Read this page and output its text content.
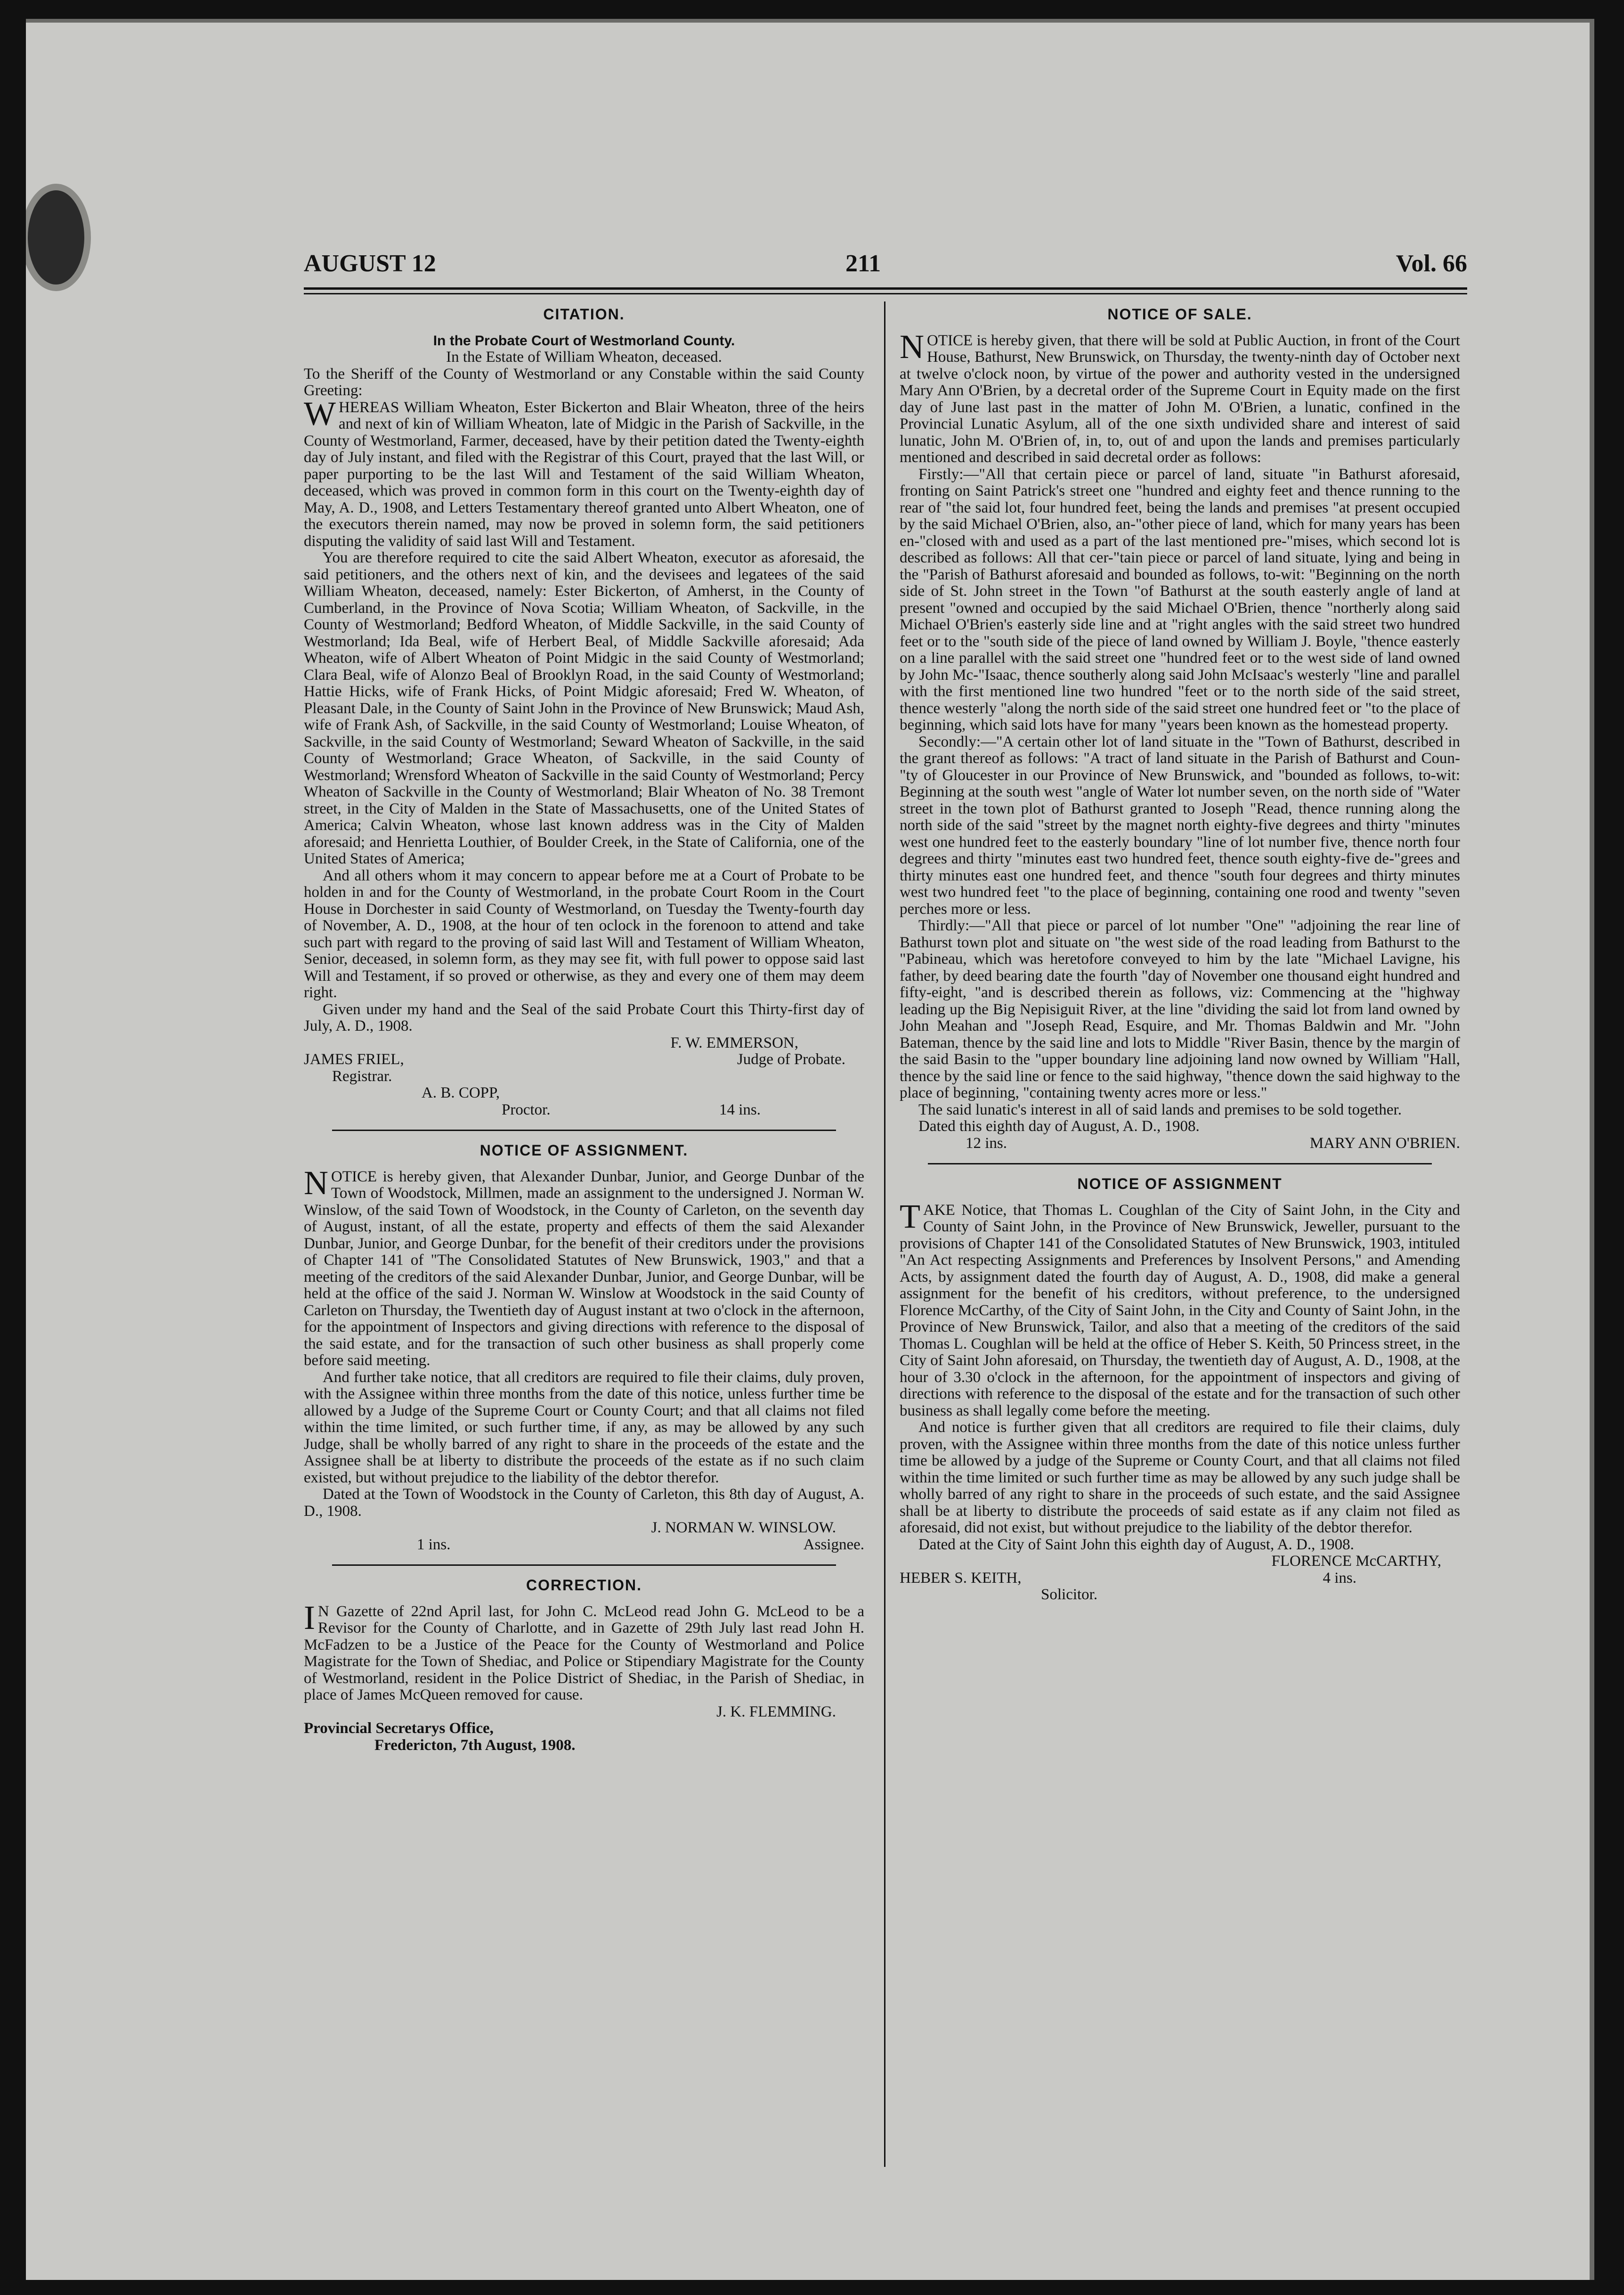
AUGUST 12	211	Vol. 66
CITATION.
In the Probate Court of Westmorland County.
In the Estate of William Wheaton, deceased.

To the Sheriff of the County of Westmorland or any Constable within the said County Greeting:

WHEREAS William Wheaton, Ester Bickerton and Blair Wheaton, three of the heirs and next of kin of William Wheaton, late of Midgic in the Parish of Sackville, in the County of Westmorland, Farmer, deceased, have by their petition dated the Twenty-eighth day of July instant, and filed with the Registrar of this Court, prayed that the last Will, or paper purporting to be the last Will and Testament of the said William Wheaton, deceased, which was proved in common form in this court on the Twenty-eighth day of May, A. D., 1908, and Letters Testamentary thereof granted unto Albert Wheaton, one of the executors therein named, may now be proved in solemn form, the said petitioners disputing the validity of said last Will and Testament.

You are therefore required to cite the said Albert Wheaton, executor as aforesaid, the said petitioners, and the others next of kin, and the devisees and legatees of the said William Wheaton, deceased, namely: Ester Bickerton, of Amherst, in the County of Cumberland, in the Province of Nova Scotia; William Wheaton, of Sackville, in the County of Westmorland; Bedford Wheaton, of Middle Sackville, in the said County of Westmorland; Ida Beal, wife of Herbert Beal, of Middle Sackville aforesaid; Ada Wheaton, wife of Albert Wheaton of Point Midgic in the said County of Westmorland; Clara Beal, wife of Alonzo Beal of Brooklyn Road, in the said County of Westmorland; Hattie Hicks, wife of Frank Hicks, of Point Midgic aforesaid; Fred W. Wheaton, of Pleasant Dale, in the County of Saint John in the Province of New Brunswick; Maud Ash, wife of Frank Ash, of Sackville, in the said County of Westmorland; Louise Wheaton, of Sackville, in the said County of Westmorland; Seward Wheaton of Sackville, in the said County of Westmorland; Grace Wheaton, of Sackville, in the said County of Westmorland; Wrensford Wheaton of Sackville in the said County of Westmorland; Percy Wheaton of Sackville in the County of Westmorland; Blair Wheaton of No. 38 Tremont street, in the City of Malden in the State of Massachusetts, one of the United States of America; Calvin Wheaton, whose last known address was in the City of Malden aforesaid; and Henrietta Louthier, of Boulder Creek, in the State of California, one of the United States of America;

And all others whom it may concern to appear before me at a Court of Probate to be holden in and for the County of Westmorland, in the probate Court Room in the Court House in Dorchester in said County of Westmorland, on Tuesday the Twenty-fourth day of November, A. D., 1908, at the hour of ten oclock in the forenoon to attend and take such part with regard to the proving of said last Will and Testament of William Wheaton, Senior, deceased, in solemn form, as they may see fit, with full power to oppose said last Will and Testament, if so proved or otherwise, as they and every one of them may deem right.

Given under my hand and the Seal of the said Probate Court this Thirty-first day of July, A. D., 1908.

F. W. EMMERSON,
JAMES FRIEL,	Judge of Probate.
Registrar.
A. B. COPP,
Proctor.	14 ins.
NOTICE OF ASSIGNMENT.

NOTICE is hereby given, that Alexander Dunbar, Junior, and George Dunbar of the Town of Woodstock, Millmen, made an assignment to the undersigned J. Norman W. Winslow, of the said Town of Woodstock, in the County of Carleton, on the seventh day of August, instant, of all the estate, property and effects of them the said Alexander Dunbar, Junior, and George Dunbar, for the benefit of their creditors under the provisions of Chapter 141 of "The Consolidated Statutes of New Brunswick, 1903," and that a meeting of the creditors of the said Alexander Dunbar, Junior, and George Dunbar, will be held at the office of the said J. Norman W. Winslow at Woodstock in the said County of Carleton on Thursday, the Twentieth day of August instant at two o'clock in the afternoon, for the appointment of Inspectors and giving directions with reference to the disposal of the said estate, and for the transaction of such other business as shall properly come before said meeting.

And further take notice, that all creditors are required to file their claims, duly proven, with the Assignee within three months from the date of this notice, unless further time be allowed by a Judge of the Supreme Court or County Court; and that all claims not filed within the time limited, or such further time, if any, as may be allowed by any such Judge, shall be wholly barred of any right to share in the proceeds of the estate and the Assignee shall be at liberty to distribute the proceeds of the estate as if no such claim existed, but without prejudice to the liability of the debtor therefor.

Dated at the Town of Woodstock in the County of Carleton, this 8th day of August, A. D., 1908.

J. NORMAN W. WINSLOW.
1 ins.	Assignee.
CORRECTION.

IN Gazette of 22nd April last, for John C. McLeod read John G. McLeod to be a Revisor for the County of Charlotte, and in Gazette of 29th July last read John H. McFadzen to be a Justice of the Peace for the County of Westmorland and Police Magistrate for the Town of Shediac, and Police or Stipendiary Magistrate for the County of Westmorland, resident in the Police District of Shediac, in the Parish of Shediac, in place of James McQueen removed for cause.

J. K. FLEMMING.
Provincial Secretarys Office,
Fredericton, 7th August, 1908.
NOTICE OF SALE.

NOTICE is hereby given, that there will be sold at Public Auction, in front of the Court House, Bathurst, New Brunswick, on Thursday, the twenty-ninth day of October next at twelve o'clock noon, by virtue of the power and authority vested in the undersigned Mary Ann O'Brien, by a decretal order of the Supreme Court in Equity made on the first day of June last past in the matter of John M. O'Brien, a lunatic, confined in the Provincial Lunatic Asylum, all of the one sixth undivided share and interest of said lunatic, John M. O'Brien of, in, to, out of and upon the lands and premises particularly mentioned and described in said decretal order as follows:

Firstly:—"All that certain piece or parcel of land, situate "in Bathurst aforesaid, fronting on Saint Patrick's street one "hundred and eighty feet and thence running to the rear of "the said lot, four hundred feet, being the lands and premises "at present occupied by the said Michael O'Brien, also, an-"other piece of land, which for many years has been en-"closed with and used as a part of the last mentioned pre-"mises, which second lot is described as follows: All that cer-"tain piece or parcel of land situate, lying and being in the "Parish of Bathurst aforesaid and bounded as follows, to-wit: "Beginning on the north side of St. John street in the Town "of Bathurst at the south easterly angle of land at present "owned and occupied by the said Michael O'Brien, thence "northerly along said Michael O'Brien's easterly side line and at "right angles with the said street two hundred feet or to the "south side of the piece of land owned by William J. Boyle, "thence easterly on a line parallel with the said street one "hundred feet or to the west side of land owned by John Mc-"Isaac, thence southerly along said John McIsaac's westerly "line and parallel with the first mentioned line two hundred "feet or to the north side of the said street, thence westerly "along the north side of the said street one hundred feet or "to the place of beginning, which said lots have for many "years been known as the homestead property.

Secondly:—"A certain other lot of land situate in the "Town of Bathurst, described in the grant thereof as follows: "A tract of land situate in the Parish of Bathurst and Coun-"ty of Gloucester in our Province of New Brunswick, and "bounded as follows, to-wit: Beginning at the south west "angle of Water lot number seven, on the north side of "Water street in the town plot of Bathurst granted to Joseph "Read, thence running along the north side of the said "street by the magnet north eighty-five degrees and thirty "minutes west one hundred feet to the easterly boundary "line of lot number five, thence north four degrees and thirty "minutes east two hundred feet, thence south eighty-five de-"grees and thirty minutes east one hundred feet, and thence "south four degrees and thirty minutes west two hundred feet "to the place of beginning, containing one rood and twenty "seven perches more or less.

Thirdly:—"All that piece or parcel of lot number "One" "adjoining the rear line of Bathurst town plot and situate on "the west side of the road leading from Bathurst to the "Pabineau, which was heretofore conveyed to him by the late "Michael Lavigne, his father, by deed bearing date the fourth "day of November one thousand eight hundred and fifty-eight, "and is described therein as follows, viz: Commencing at the "highway leading up the Big Nepisiguit River, at the line "dividing the said lot from land owned by John Meahan and "Joseph Read, Esquire, and Mr. Thomas Baldwin and Mr. "John Bateman, thence by the said line and lots to Middle "River Basin, thence by the margin of the said Basin to the "upper boundary line adjoining land now owned by William "Hall, thence by the said line or fence to the said highway, "thence down the said highway to the place of beginning, "containing twenty acres more or less."

The said lunatic's interest in all of said lands and premises to be sold together.

Dated this eighth day of August, A. D., 1908.

12 ins.	MARY ANN O'BRIEN.
NOTICE OF ASSIGNMENT

TAKE Notice, that Thomas L. Coughlan of the City of Saint John, in the City and County of Saint John, in the Province of New Brunswick, Jeweller, pursuant to the provisions of Chapter 141 of the Consolidated Statutes of New Brunswick, 1903, intituled "An Act respecting Assignments and Preferences by Insolvent Persons," and Amending Acts, by assignment dated the fourth day of August, A. D., 1908, did make a general assignment for the benefit of his creditors, without preference, to the undersigned Florence McCarthy, of the City of Saint John, in the City and County of Saint John, in the Province of New Brunswick, Tailor, and also that a meeting of the creditors of the said Thomas L. Coughlan will be held at the office of Heber S. Keith, 50 Princess street, in the City of Saint John aforesaid, on Thursday, the twentieth day of August, A. D., 1908, at the hour of 3.30 o'clock in the afternoon, for the appointment of inspectors and giving of directions with reference to the disposal of the estate and for the transaction of such other business as shall legally come before the meeting.

And notice is further given that all creditors are required to file their claims, duly proven, with the Assignee within three months from the date of this notice unless further time be allowed by a judge of the Supreme or County Court, and that all claims not filed within the time limited or such further time as may be allowed by any such judge shall be wholly barred of any right to share in the proceeds of such estate, and the said Assignee shall be at liberty to distribute the proceeds of said estate as if any claim not filed as aforesaid, did not exist, but without prejudice to the liability of the debtor therefor.

Dated at the City of Saint John this eighth day of August, A. D., 1908.

FLORENCE McCARTHY,
HEBER S. KEITH,	4 ins.
Solicitor.
